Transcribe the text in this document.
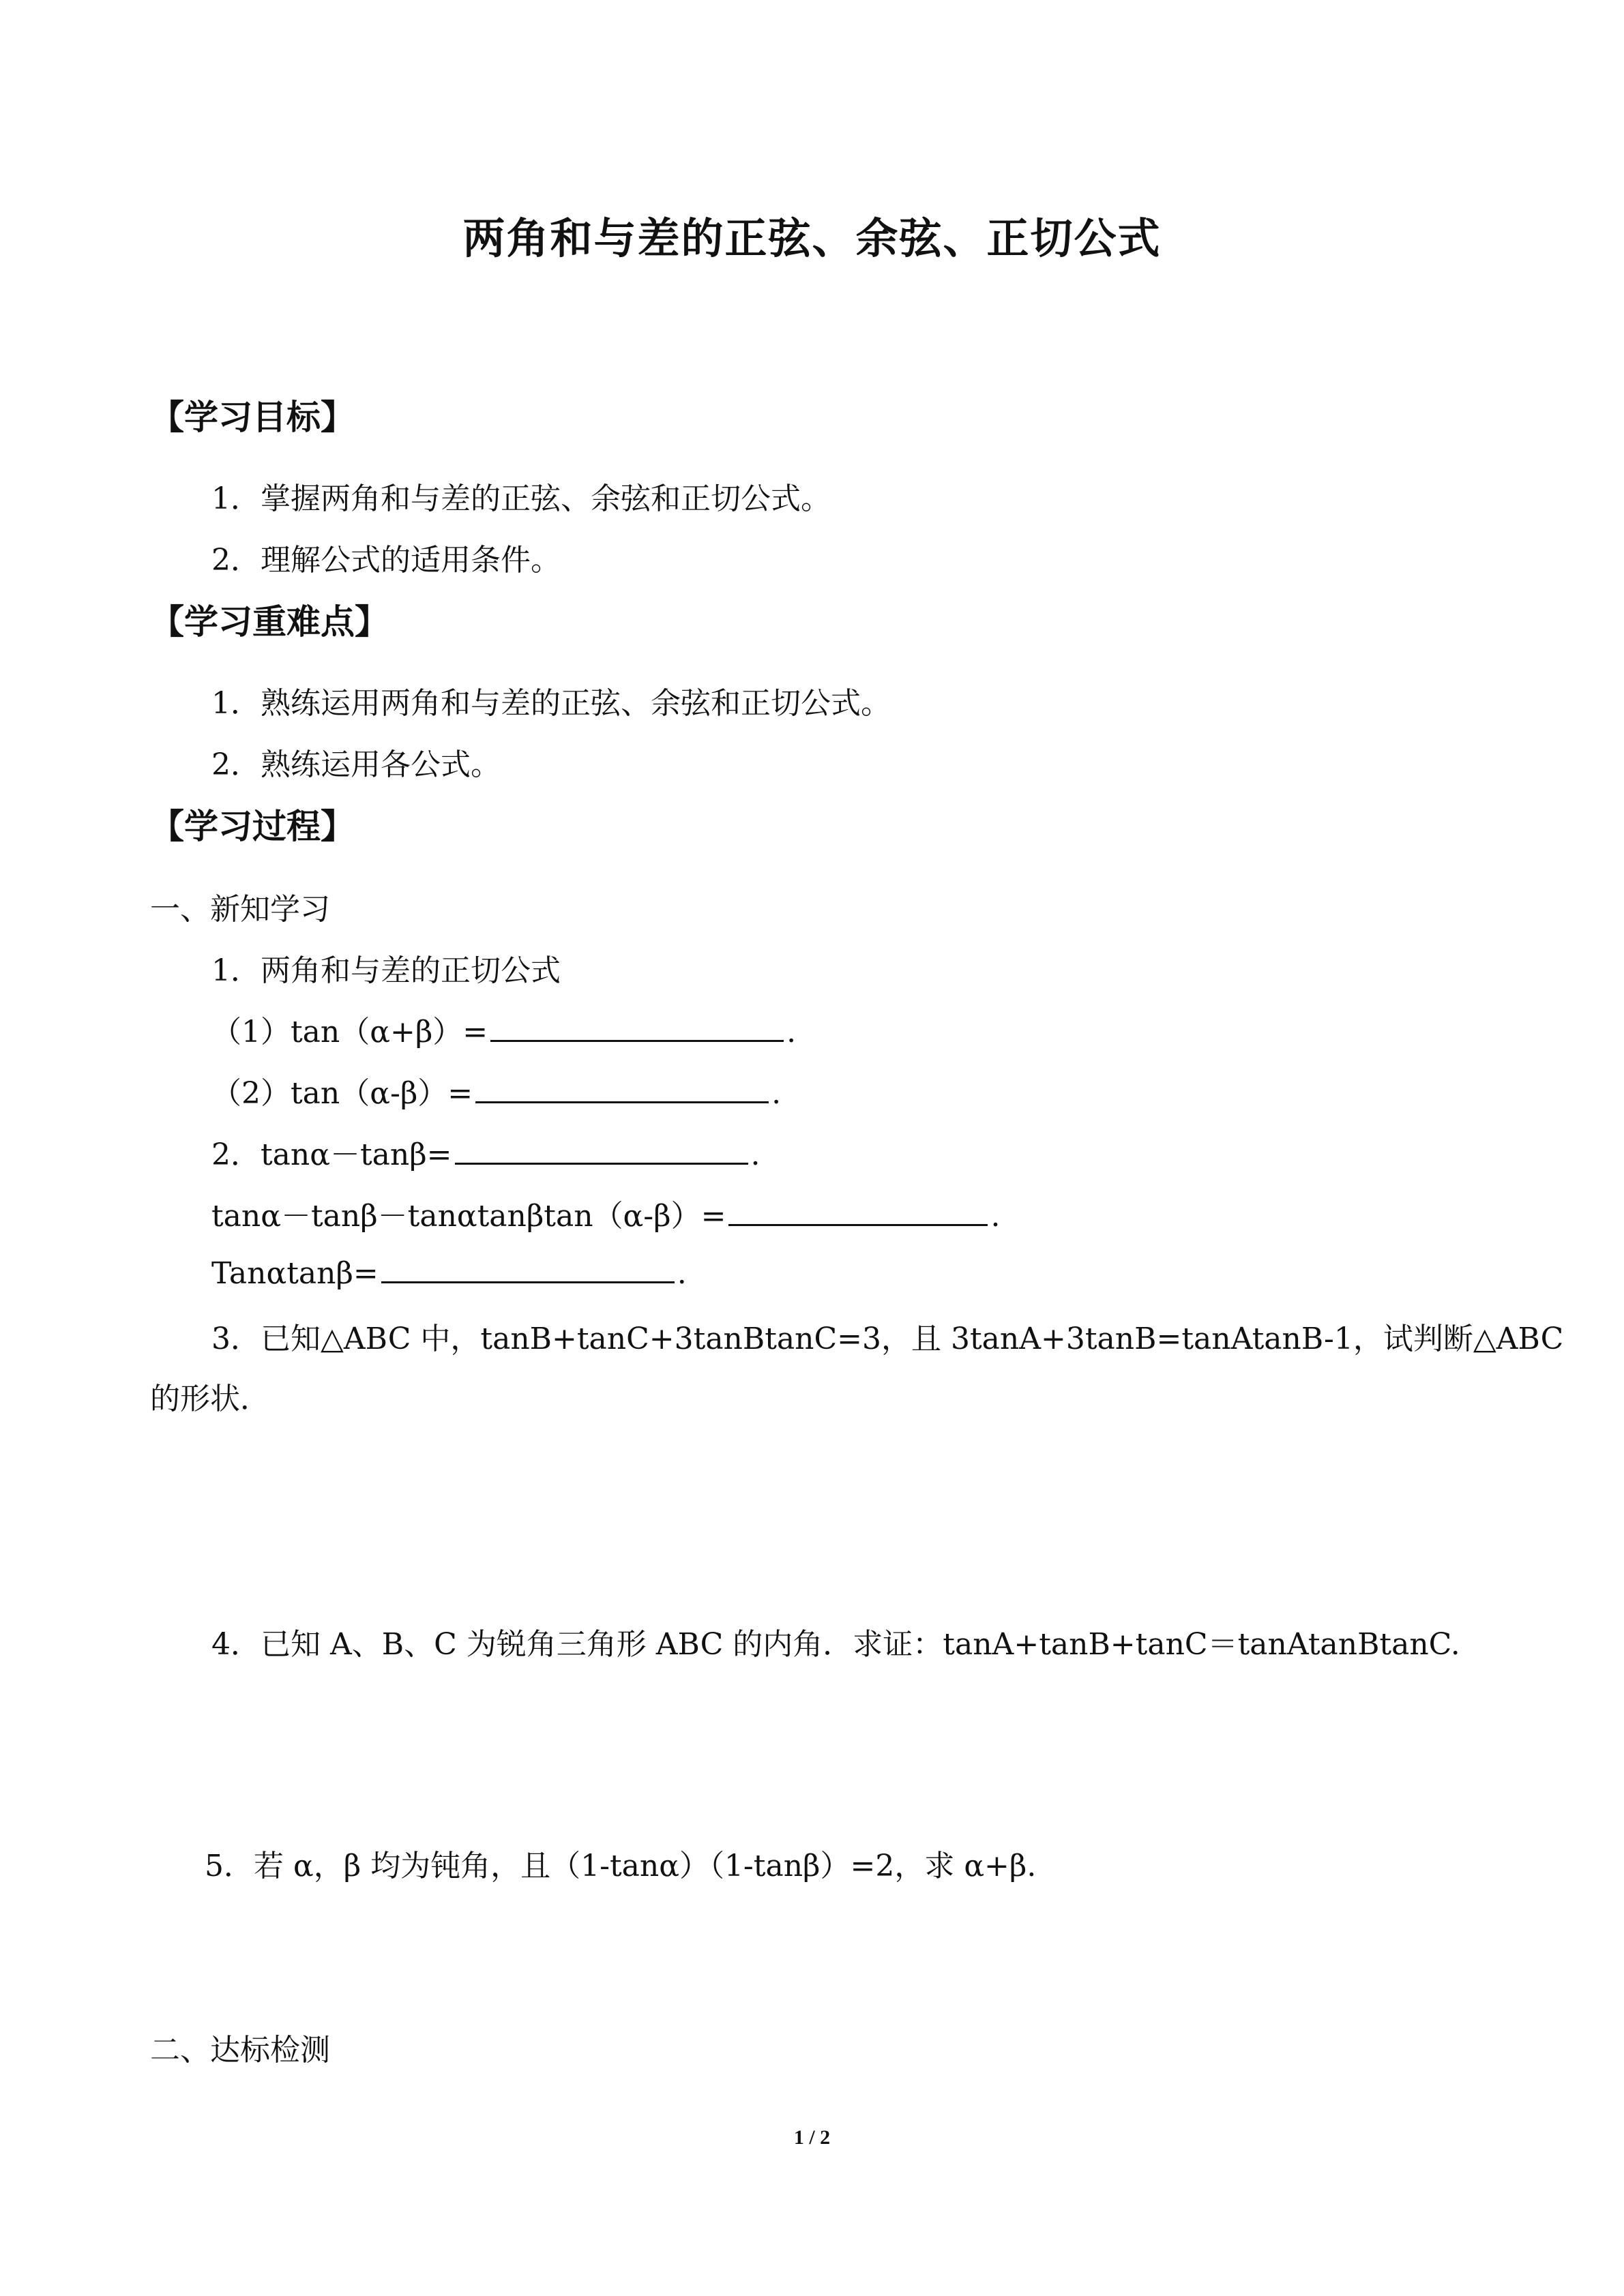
两角和与差的正弦、余弦、正切公式
【学习目标】
1．掌握两角和与差的正弦、余弦和正切公式。
2．理解公式的适用条件。
【学习重难点】
1．熟练运用两角和与差的正弦、余弦和正切公式。
2．熟练运用各公式。
【学习过程】
一、新知学习
1．两角和与差的正切公式
（1）tan（α+β）=	.
（2）tan（α-β）=	.
2．tanα－tanβ=	.
tanα－tanβ－tanαtanβtan（α-β）=	.
Tanαtanβ=	.
3．已知△ABC 中，tanB+tanC+3tanBtanC=3，且 3tanA+3tanB=tanAtanB-1，试判断△ABC
的形状．
4．已知 A、B、C 为锐角三角形 ABC 的内角．求证：tanA+tanB+tanC＝tanAtanBtanC.
5．若 α，β 均为钝角，且（1-tanα）（1-tanβ）=2，求 α+β.
二、达标检测
1 / 2
